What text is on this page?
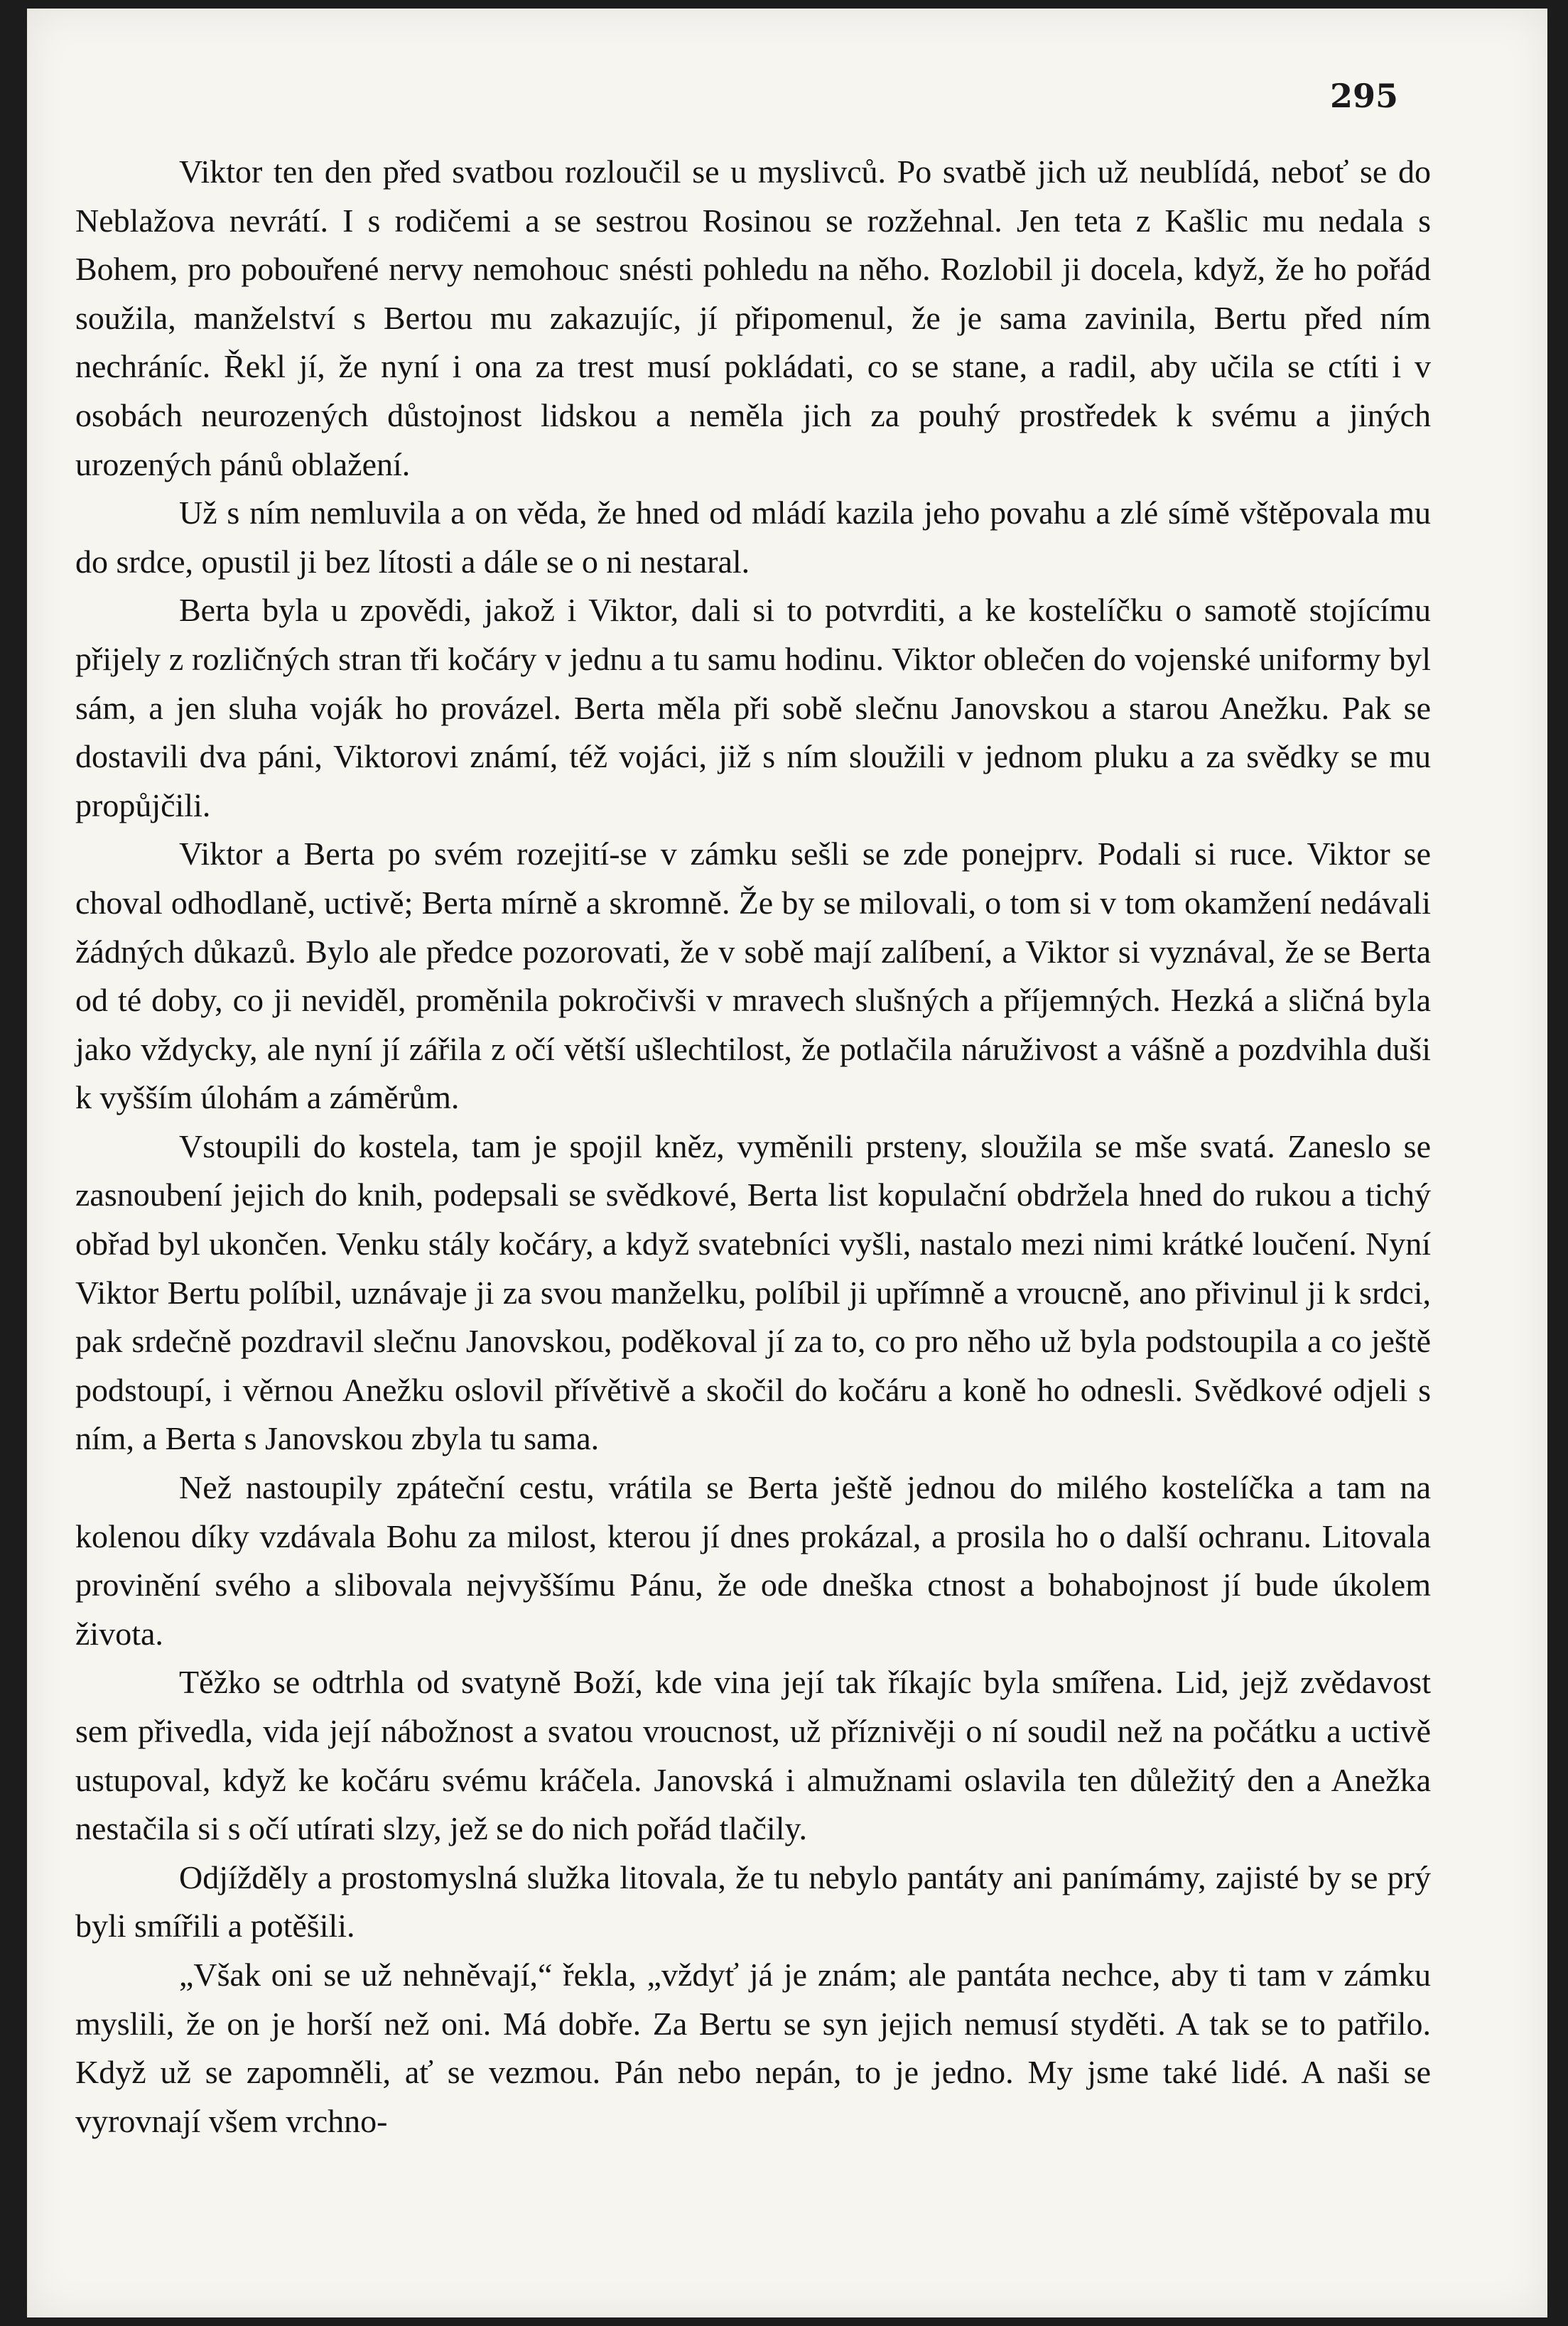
295

Viktor ten den před svatbou rozloučil se u myslivců. Po svatbě jich už neublídá, neboť se do Neblažova nevrátí. I s rodičemi a se sestrou Rosinou se rozžehnal. Jen teta z Kašlic mu nedala s Bohem, pro pobouřené nervy nemohouc snésti pohledu na něho. Rozlobil ji docela, když, že ho pořád soužila, manželství s Bertou mu zakazujíc, jí připomenul, že je sama zavinila, Bertu před ním nechráníc. Řekl jí, že nyní i ona za trest musí pokládati, co se stane, a radil, aby učila se ctíti i v osobách neurozených důstojnost lidskou a neměla jich za pouhý prostředek k svému a jiných urozených pánů oblažení.

Už s ním nemluvila a on věda, že hned od mládí kazila jeho povahu a zlé símě vštěpovala mu do srdce, opustil ji bez lítosti a dále se o ni nestaral.

Berta byla u zpovědi, jakož i Viktor, dali si to potvrditi, a ke kostelíčku o samotě stojícímu přijely z rozličných stran tři kočáry v jednu a tu samu hodinu. Viktor oblečen do vojenské uniformy byl sám, a jen sluha voják ho provázel. Berta měla při sobě slečnu Janovskou a starou Anežku. Pak se dostavili dva páni, Viktorovi známí, též vojáci, již s ním sloužili v jednom pluku a za svědky se mu propůjčili.

Viktor a Berta po svém rozejití-se v zámku sešli se zde ponejprv. Podali si ruce. Viktor se choval odhodlaně, uctivě; Berta mírně a skromně. Že by se milovali, o tom si v tom okamžení nedávali žádných důkazů. Bylo ale předce pozorovati, že v sobě mají zalíbení, a Viktor si vyznával, že se Berta od té doby, co ji neviděl, proměnila pokročivši v mravech slušných a příjemných. Hezká a sličná byla jako vždycky, ale nyní jí zářila z očí větší ušlechtilost, že potlačila náruživost a vášně a pozdvihla duši k vyšším úlohám a záměrům.

Vstoupili do kostela, tam je spojil kněz, vyměnili prsteny, sloužila se mše svatá. Zaneslo se zasnoubení jejich do knih, podepsali se svědkové, Berta list kopulační obdržela hned do rukou a tichý obřad byl ukončen. Venku stály kočáry, a když svatebníci vyšli, nastalo mezi nimi krátké loučení. Nyní Viktor Bertu políbil, uznávaje ji za svou manželku, políbil ji upřímně a vroucně, ano přivinul ji k srdci, pak srdečně pozdravil slečnu Janovskou, poděkoval jí za to, co pro něho už byla podstoupila a co ještě podstoupí, i věrnou Anežku oslovil přívětivě a skočil do kočáru a koně ho odnesli. Svědkové odjeli s ním, a Berta s Janovskou zbyla tu sama.

Než nastoupily zpáteční cestu, vrátila se Berta ještě jednou do milého kostelíčka a tam na kolenou díky vzdávala Bohu za milost, kterou jí dnes prokázal, a prosila ho o další ochranu. Litovala provinění svého a slibovala nejvyššímu Pánu, že ode dneška ctnost a bohabojnost jí bude úkolem života.

Těžko se odtrhla od svatyně Boží, kde vina její tak říkajíc byla smířena. Lid, jejž zvědavost sem přivedla, vida její nábožnost a svatou vroucnost, už příznivěji o ní soudil než na počátku a uctivě ustupoval, když ke kočáru svému kráčela. Janovská i almužnami oslavila ten důležitý den a Anežka nestačila si s očí utírati slzy, jež se do nich pořád tlačily.

Odjížděly a prostomyslná služka litovala, že tu nebylo pantáty ani panímámy, zajisté by se prý byli smířili a potěšili.

„Však oni se už nehněvají,“ řekla, „vždyť já je znám; ale pantáta nechce, aby ti tam v zámku myslili, že on je horší než oni. Má dobře. Za Bertu se syn jejich nemusí styděti. A tak se to patřilo. Když už se zapomněli, ať se vezmou. Pán nebo nepán, to je jedno. My jsme také lidé. A naši se vyrovnají všem vrchno-
